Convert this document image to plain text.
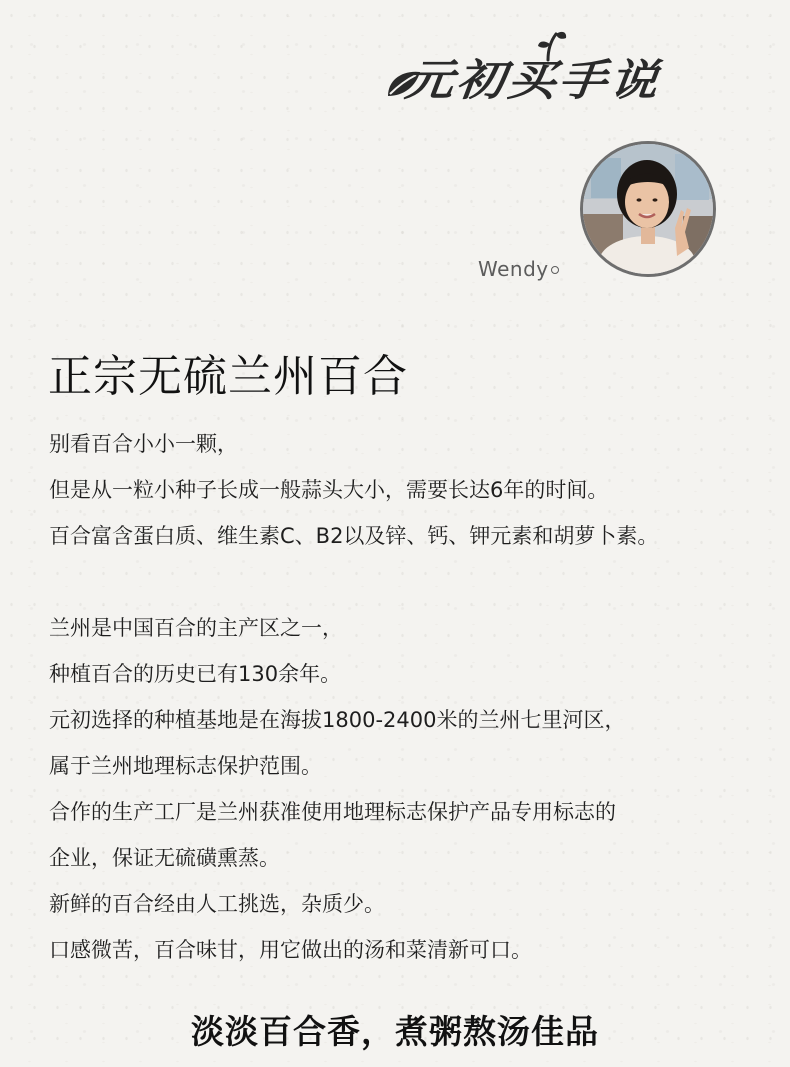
元初买手说
Wendy
正宗无硫兰州百合
别看百合小小一颗，
但是从一粒小种子长成一般蒜头大小，需要长达6年的时间。
百合富含蛋白质、维生素C、B2以及锌、钙、钾元素和胡萝卜素。
兰州是中国百合的主产区之一，
种植百合的历史已有130余年。
元初选择的种植基地是在海拔1800-2400米的兰州七里河区，
属于兰州地理标志保护范围。
合作的生产工厂是兰州获准使用地理标志保护产品专用标志的
企业，保证无硫磺熏蒸。
新鲜的百合经由人工挑选，杂质少。
口感微苦，百合味甘，用它做出的汤和菜清新可口。
淡淡百合香，煮粥熬汤佳品
